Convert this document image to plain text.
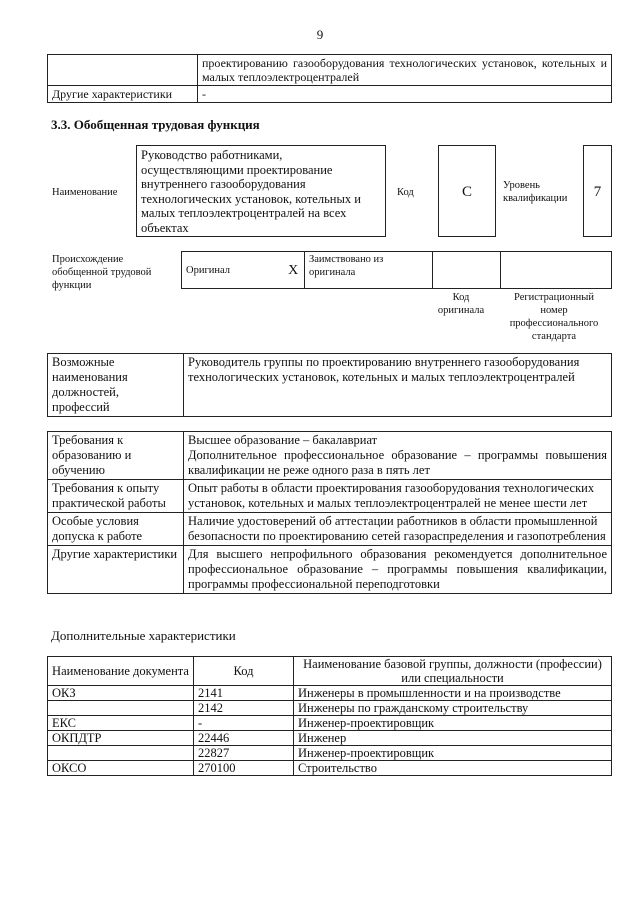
9
	проектированию газооборудования технологических установок, котельных и малых теплоэлектроцентралей
Другие характеристики	-
3.3. Обобщенная трудовая функция
Наименование
Руководство работниками, осуществляющими проектирование внутреннего газооборудования технологических установок, котельных и малых теплоэлектроцентралей на всех объектах
Код	C	Уровень квалификации	7
Происхождение обобщенной трудовой функции
Оригинал	X	Заимствовано из оригинала		
Код оригинала
Регистрационный номер профессионального стандарта
Возможные наименования должностей, профессий	Руководитель группы по проектированию внутреннего газооборудования технологических установок, котельных и малых теплоэлектроцентралей
Требования к образованию и обучению	Высшее образование – бакалавриат
Дополнительное профессиональное образование – программы повышения квалификации не реже одного раза в пять лет

Требования к опыту практической работы	Опыт работы в области проектирования газооборудования технологических установок, котельных и малых теплоэлектроцентралей не менее шести лет
Особые условия допуска к работе	Наличие удостоверений об аттестации работников в области промышленной безопасности по проектированию сетей газораспределения и газопотребления
Другие характеристики	Для высшего непрофильного образования рекомендуется дополнительное профессиональное образование – программы повышения квалификации, программы профессиональной переподготовки
Дополнительные характеристики
Наименование документа	Код	Наименование базовой группы, должности (профессии) или специальности
ОКЗ	2141	Инженеры в промышленности и на производстве
	2142	Инженеры по гражданскому строительству
ЕКС	-	Инженер-проектировщик
ОКПДТР	22446	Инженер
	22827	Инженер-проектировщик
ОКСО	270100	Строительство
